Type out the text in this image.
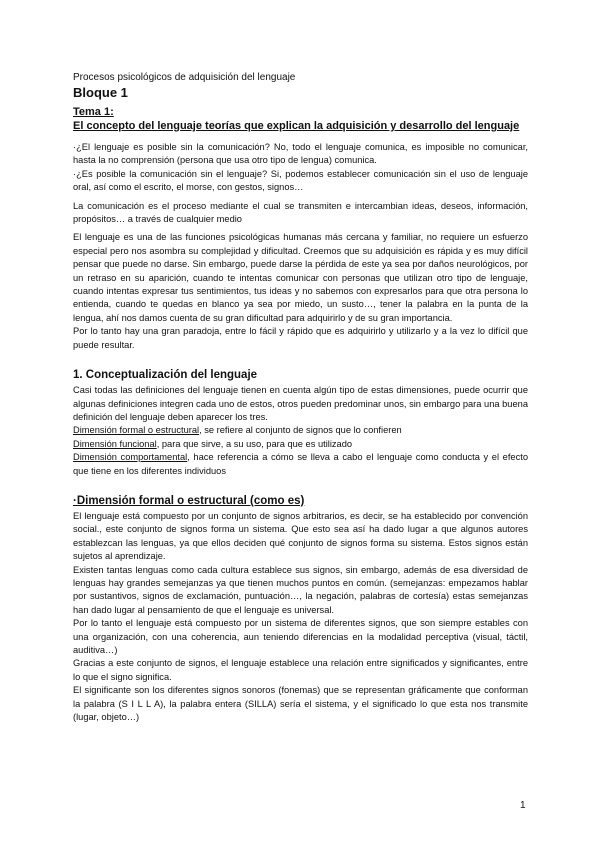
Procesos psicológicos de adquisición del lenguaje

Bloque 1
Tema 1:
El concepto del lenguaje teorías que explican la adquisición y desarrollo del lenguaje

·¿El lenguaje es posible sin la comunicación? No, todo el lenguaje comunica, es imposible no comunicar, hasta la no comprensión (persona que usa otro tipo de lengua) comunica.

·¿Es posible la comunicación sin el lenguaje? Si, podemos establecer comunicación sin el uso de lenguaje oral, así como el escrito, el morse, con gestos, signos…

La comunicación es el proceso mediante el cual se transmiten e intercambian ideas, deseos, información, propósitos… a través de cualquier medio

El lenguaje es una de las funciones psicológicas humanas más cercana y familiar, no requiere un esfuerzo especial pero nos asombra su complejidad y dificultad. Creemos que su adquisición es rápida y es muy difícil pensar que puede no darse. Sin embargo, puede darse la pérdida de este ya sea por daños neurológicos, por un retraso en su aparición, cuando te intentas comunicar con personas que utilizan otro tipo de lenguaje, cuando intentas expresar tus sentimientos, tus ideas y no sabemos con expresarlos para que otra persona lo entienda, cuando te quedas en blanco ya sea por miedo, un susto…, tener la palabra en la punta de la lengua, ahí nos damos cuenta de su gran dificultad para adquirirlo y de su gran importancia.

Por lo tanto hay una gran paradoja, entre lo fácil y rápido que es adquirirlo y utilizarlo y a la vez lo difícil que puede resultar.

1. Conceptualización del lenguaje

Casi todas las definiciones del lenguaje tienen en cuenta algún tipo de estas dimensiones, puede ocurrir que algunas definiciones integren cada uno de estos, otros pueden predominar unos, sin embargo para una buena definición del lenguaje deben aparecer los tres.

Dimensión formal o estructural, se refiere al conjunto de signos que lo confieren

Dimensión funcional, para que sirve, a su uso, para que es utilizado

Dimensión comportamental, hace referencia a cómo se lleva a cabo el lenguaje como conducta y el efecto que tiene en los diferentes individuos

·Dimensión formal o estructural (como es)

El lenguaje está compuesto por un conjunto de signos arbitrarios, es decir, se ha establecido por convención social., este conjunto de signos forma un sistema. Que esto sea así ha dado lugar a que algunos autores establezcan las lenguas, ya que ellos deciden qué conjunto de signos forma su sistema. Estos signos están sujetos al aprendizaje.

Existen tantas lenguas como cada cultura establece sus signos, sin embargo, además de esa diversidad de lenguas hay grandes semejanzas ya que tienen muchos puntos en común. (semejanzas: empezamos hablar por sustantivos, signos de exclamación, puntuación…, la negación, palabras de cortesía) estas semejanzas han dado lugar al pensamiento de que el lenguaje es universal.

Por lo tanto el lenguaje está compuesto por un sistema de diferentes signos, que son siempre estables con una organización, con una coherencia, aun teniendo diferencias en la modalidad perceptiva (visual, táctil, auditiva…)

Gracias a este conjunto de signos, el lenguaje establece una relación entre significados y significantes, entre lo que el signo significa.

El significante son los diferentes signos sonoros (fonemas) que se representan gráficamente que conforman la palabra (S I L L A), la palabra entera (SILLA) sería el sistema, y el significado lo que esta nos transmite (lugar, objeto…)

1
